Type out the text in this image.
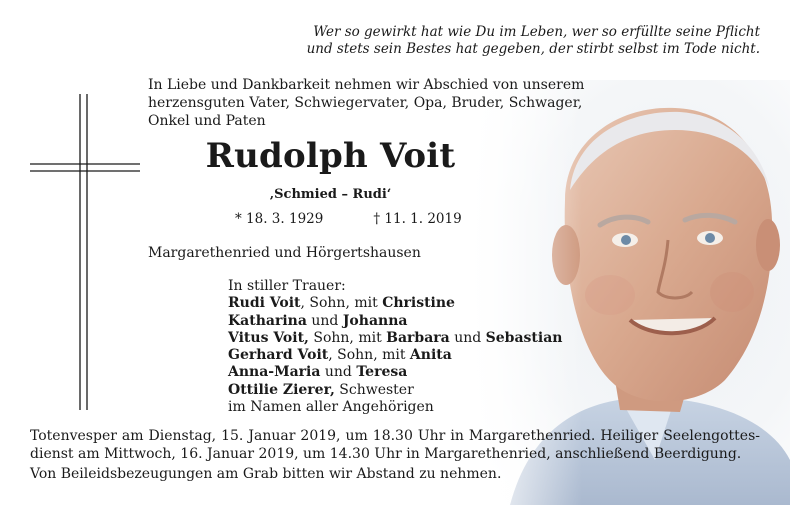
Wer so gewirkt hat wie Du im Leben, wer so erfüllte seine Pflicht
und stets sein Bestes hat gegeben, der stirbt selbst im Tode nicht.
In Liebe und Dankbarkeit nehmen wir Abschied von unserem
herzensguten Vater, Schwiegervater, Opa, Bruder, Schwager,
Onkel und Paten
Rudolph Voit
‚Schmied – Rudi‘
* 18. 3. 1929	† 11. 1. 2019
Margarethenried und Hörgertshausen
In stiller Trauer:
Rudi Voit, Sohn, mit Christine
Katharina und Johanna
Vitus Voit, Sohn, mit Barbara und Sebastian
Gerhard Voit, Sohn, mit Anita
Anna-Maria und Teresa
Ottilie Zierer, Schwester
im Namen aller Angehörigen
Totenvesper am Dienstag, 15. Januar 2019, um 18.30 Uhr in Margarethenried. Heiliger Seelengottes-dienst am Mittwoch, 16. Januar 2019, um 14.30 Uhr in Margarethenried, anschließend Beerdigung.
Von Beileidsbezeugungen am Grab bitten wir Abstand zu nehmen.
